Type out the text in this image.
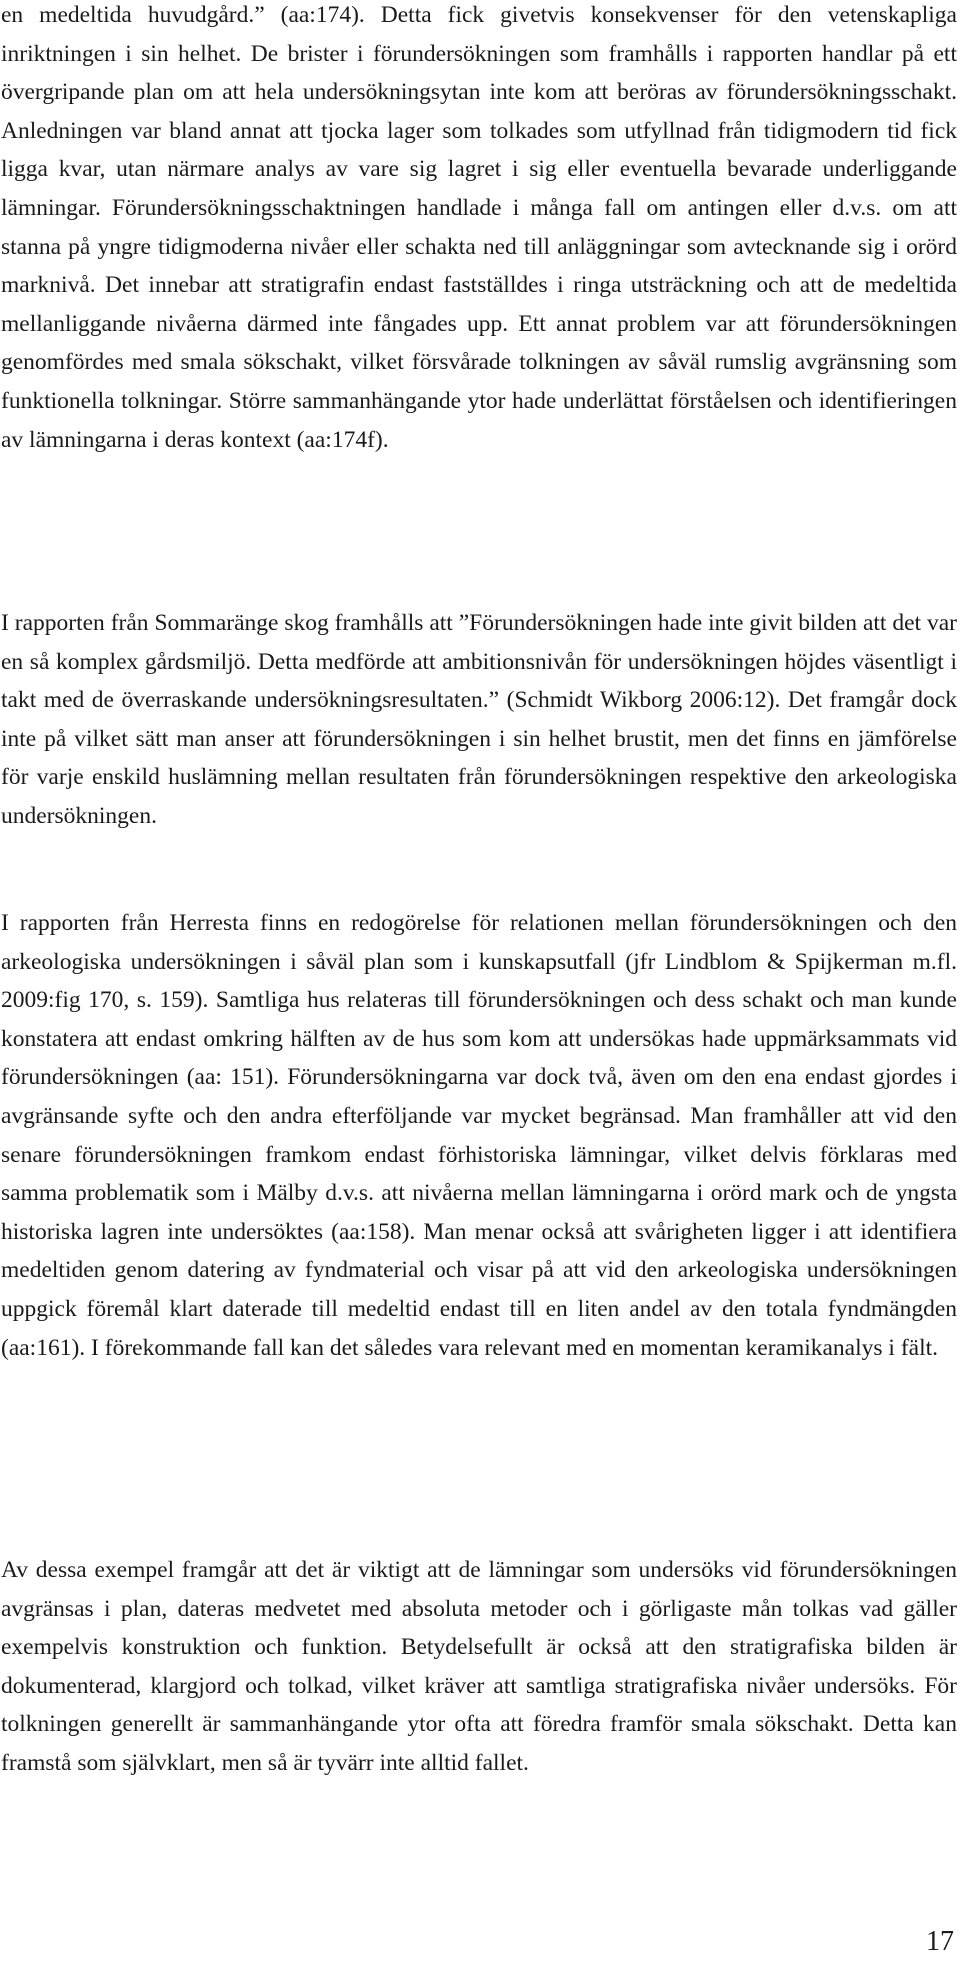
en medeltida huvudgård.” (aa:174). Detta fick givetvis konsekvenser för den vetenskapliga inriktningen i sin helhet. De brister i förundersökningen som framhålls i rapporten handlar på ett övergripande plan om att hela undersökningsytan inte kom att beröras av förundersökningsschakt. Anledningen var bland annat att tjocka lager som tolkades som utfyllnad från tidigmodern tid fick ligga kvar, utan närmare analys av vare sig lagret i sig eller eventuella bevarade underliggande lämningar. Förundersökningsschaktningen handlade i många fall om antingen eller d.v.s. om att stanna på yngre tidigmoderna nivåer eller schakta ned till anläggningar som avtecknande sig i orörd marknivå. Det innebar att stratigrafin endast fastställdes i ringa utsträckning och att de medeltida mellanliggande nivåerna därmed inte fångades upp. Ett annat problem var att förundersökningen genomfördes med smala sökschakt, vilket försvårade tolkningen av såväl rumslig avgränsning som funktionella tolkningar. Större sammanhängande ytor hade underlättat förståelsen och identifieringen av lämningarna i deras kontext (aa:174f).

I rapporten från Sommaränge skog framhålls att ”Förundersökningen hade inte givit bilden att det var en så komplex gårdsmiljö. Detta medförde att ambitionsnivån för undersökningen höjdes väsentligt i takt med de överraskande undersökningsresultaten.” (Schmidt Wikborg 2006:12). Det framgår dock inte på vilket sätt man anser att förundersökningen i sin helhet brustit, men det finns en jämförelse för varje enskild huslämning mellan resultaten från förundersökningen respektive den arkeologiska undersökningen.

I rapporten från Herresta finns en redogörelse för relationen mellan förundersökningen och den arkeologiska undersökningen i såväl plan som i kunskapsutfall (jfr Lindblom & Spijkerman m.fl. 2009:fig 170, s. 159). Samtliga hus relateras till förundersökningen och dess schakt och man kunde konstatera att endast omkring hälften av de hus som kom att undersökas hade uppmärksammats vid förundersökningen (aa: 151). Förundersökningarna var dock två, även om den ena endast gjordes i avgränsande syfte och den andra efterföljande var mycket begränsad. Man framhåller att vid den senare förundersökningen framkom endast förhistoriska lämningar, vilket delvis förklaras med samma problematik som i Mälby d.v.s. att nivåerna mellan lämningarna i orörd mark och de yngsta historiska lagren inte undersöktes (aa:158). Man menar också att svårigheten ligger i att identifiera medeltiden genom datering av fyndmaterial och visar på att vid den arkeologiska undersökningen uppgick föremål klart daterade till medeltid endast till en liten andel av den totala fyndmängden (aa:161). I förekommande fall kan det således vara relevant med en momentan keramikanalys i fält.

Av dessa exempel framgår att det är viktigt att de lämningar som undersöks vid förundersökningen avgränsas i plan, dateras medvetet med absoluta metoder och i görligaste mån tolkas vad gäller exempelvis konstruktion och funktion. Betydelsefullt är också att den stratigrafiska bilden är dokumenterad, klargjord och tolkad, vilket kräver att samtliga stratigrafiska nivåer undersöks. För tolkningen generellt är sammanhängande ytor ofta att föredra framför smala sökschakt. Detta kan framstå som självklart, men så är tyvärr inte alltid fallet.

17
